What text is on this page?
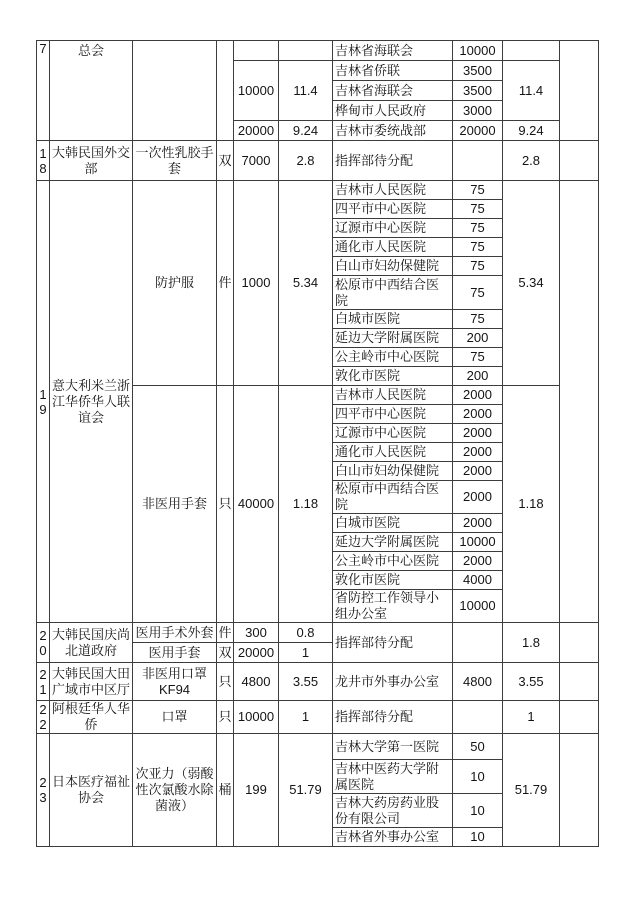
7	总会					吉林省海联会	10000		
				10000	11.4	吉林省侨联	3500	11.4	
						吉林省海联会	3500		
						桦甸市人民政府	3000		
				20000	9.24	吉林市委统战部	20000	9.24	
18	大韩民国外交部	一次性乳胶手套	双	7000	2.8	指挥部待分配		2.8	
19	意大利米兰浙江华侨华人联谊会	防护服	件	1000	5.34	吉林市人民医院	75	5.34	
						四平市中心医院	75		
						辽源市中心医院	75		
						通化市人民医院	75		
						白山市妇幼保健院	75		
						松原市中西结合医院	75		
						白城市医院	75		
						延边大学附属医院	200		
						公主岭市中心医院	75		
						敦化市医院	200		
		非医用手套	只	40000	1.18	吉林市人民医院	2000	1.18	
						四平市中心医院	2000		
						辽源市中心医院	2000		
						通化市人民医院	2000		
						白山市妇幼保健院	2000		
						松原市中西结合医院	2000		
						白城市医院	2000		
						延边大学附属医院	10000		
						公主岭市中心医院	2000		
						敦化市医院	4000		
						省防控工作领导小组办公室	10000		
20	大韩民国庆尚北道政府	医用手术外套	件	300	0.8	指挥部待分配		1.8	
		医用手套	双	20000	1				
21	大韩民国大田广域市中区厅	非医用口罩KF94	只	4800	3.55	龙井市外事办公室	4800	3.55	
22	阿根廷华人华侨	口罩	只	10000	1	指挥部待分配		1	
23	日本医疗福祉协会	次亚力（弱酸性次氯酸水除菌液）	桶	199	51.79	吉林大学第一医院	50	51.79	
						吉林中医药大学附属医院	10		
						吉林大药房药业股份有限公司	10		
						吉林省外事办公室	10		
